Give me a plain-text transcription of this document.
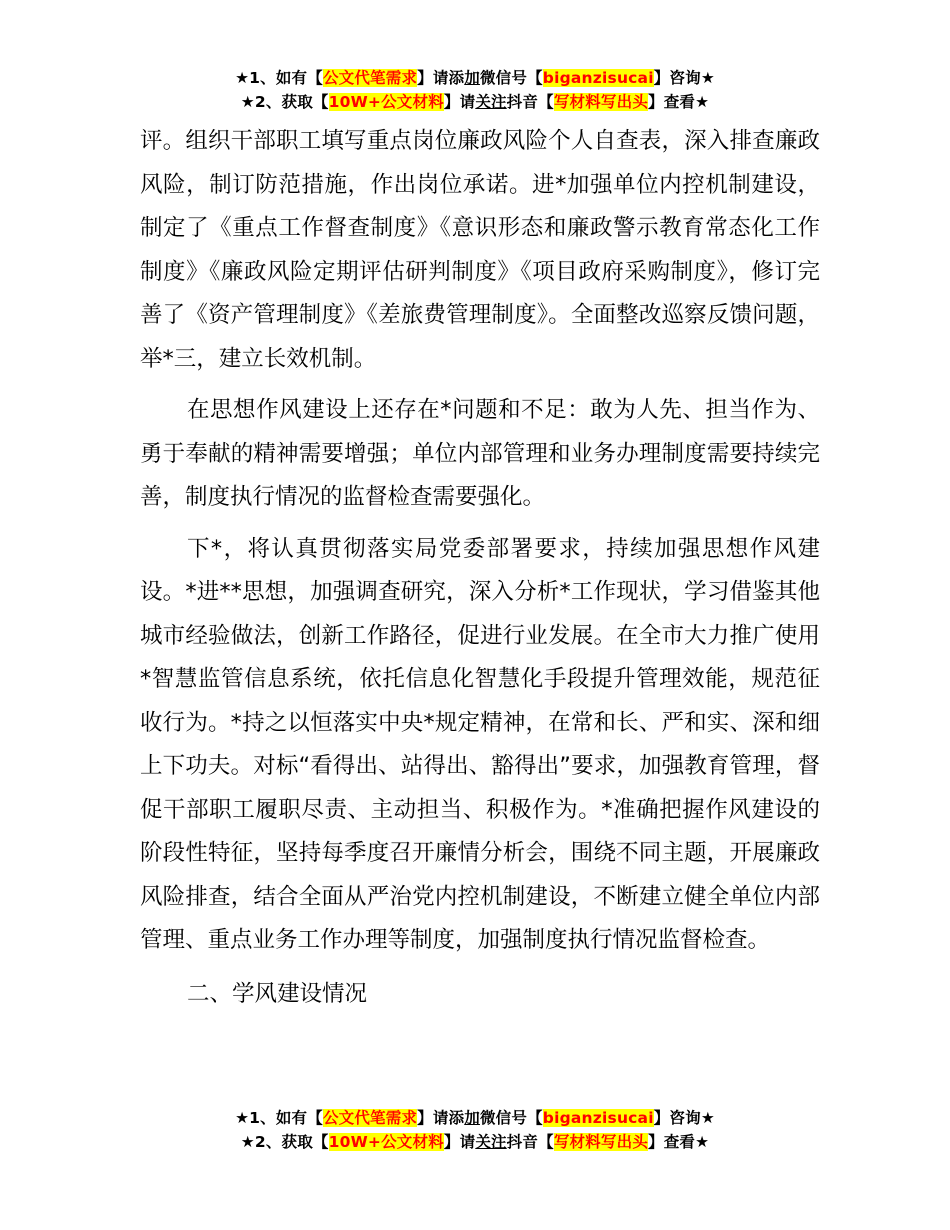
★1、如有【公文代笔需求】请添加微信号【biganzisucai】咨询★
★2、获取【10W+公文材料】请关注抖音【写材料写出头】查看★

评。组织干部职工填写重点岗位廉政风险个人自查表，深入排查廉政风险，制订防范措施，作出岗位承诺。进*加强单位内控机制建设，制定了《重点工作督查制度》《意识形态和廉政警示教育常态化工作制度》《廉政风险定期评估研判制度》《项目政府采购制度》，修订完善了《资产管理制度》《差旅费管理制度》。全面整改巡察反馈问题，举*三，建立长效机制。

在思想作风建设上还存在*问题和不足：敢为人先、担当作为、勇于奉献的精神需要增强；单位内部管理和业务办理制度需要持续完善，制度执行情况的监督检查需要强化。

下*，将认真贯彻落实局党委部署要求，持续加强思想作风建设。*进**思想，加强调查研究，深入分析*工作现状，学习借鉴其他城市经验做法，创新工作路径，促进行业发展。在全市大力推广使用*智慧监管信息系统，依托信息化智慧化手段提升管理效能，规范征收行为。*持之以恒落实中央*规定精神，在常和长、严和实、深和细上下功夫。对标“看得出、站得出、豁得出”要求，加强教育管理，督促干部职工履职尽责、主动担当、积极作为。*准确把握作风建设的阶段性特征，坚持每季度召开廉情分析会，围绕不同主题，开展廉政风险排查，结合全面从严治党内控机制建设，不断建立健全单位内部管理、重点业务工作办理等制度，加强制度执行情况监督检查。

二、学风建设情况

★1、如有【公文代笔需求】请添加微信号【biganzisucai】咨询★
★2、获取【10W+公文材料】请关注抖音【写材料写出头】查看★
